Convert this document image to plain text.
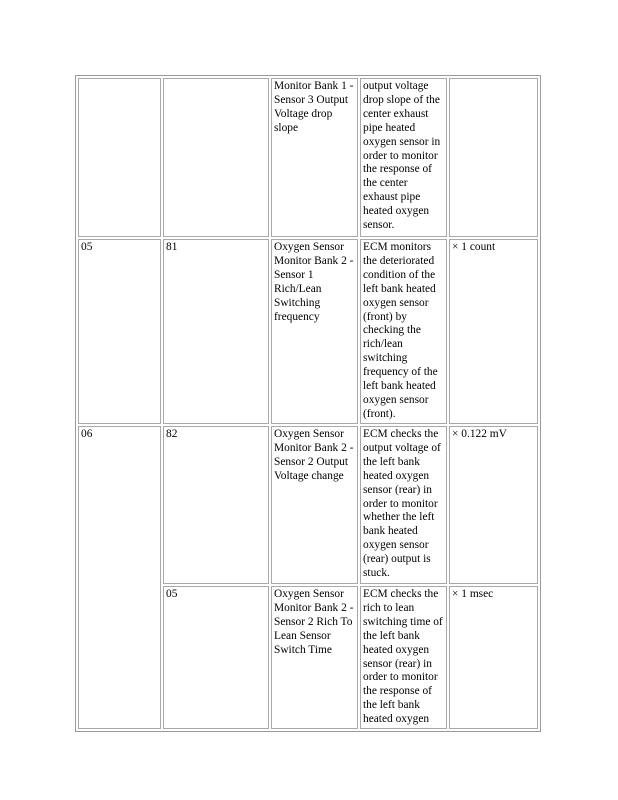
		Monitor Bank 1 - Sensor 3 Output Voltage drop slope	output voltage drop slope of the center exhaust pipe heated oxygen sensor in order to monitor the response of the center exhaust pipe heated oxygen sensor.	
05	81	Oxygen Sensor Monitor Bank 2 - Sensor 1 Rich/Lean Switching frequency	ECM monitors the deteriorated condition of the left bank heated oxygen sensor (front) by checking the rich/lean switching frequency of the left bank heated oxygen sensor (front).	× 1 count
06	82	Oxygen Sensor Monitor Bank 2 - Sensor 2 Output Voltage change	ECM checks the output voltage of the left bank heated oxygen sensor (rear) in order to monitor whether the left bank heated oxygen sensor (rear) output is stuck.	× 0.122 mV
	05	Oxygen Sensor Monitor Bank 2 - Sensor 2 Rich To Lean Sensor Switch Time	ECM checks the rich to lean switching time of the left bank heated oxygen sensor (rear) in order to monitor the response of the left bank heated oxygen	× 1 msec
